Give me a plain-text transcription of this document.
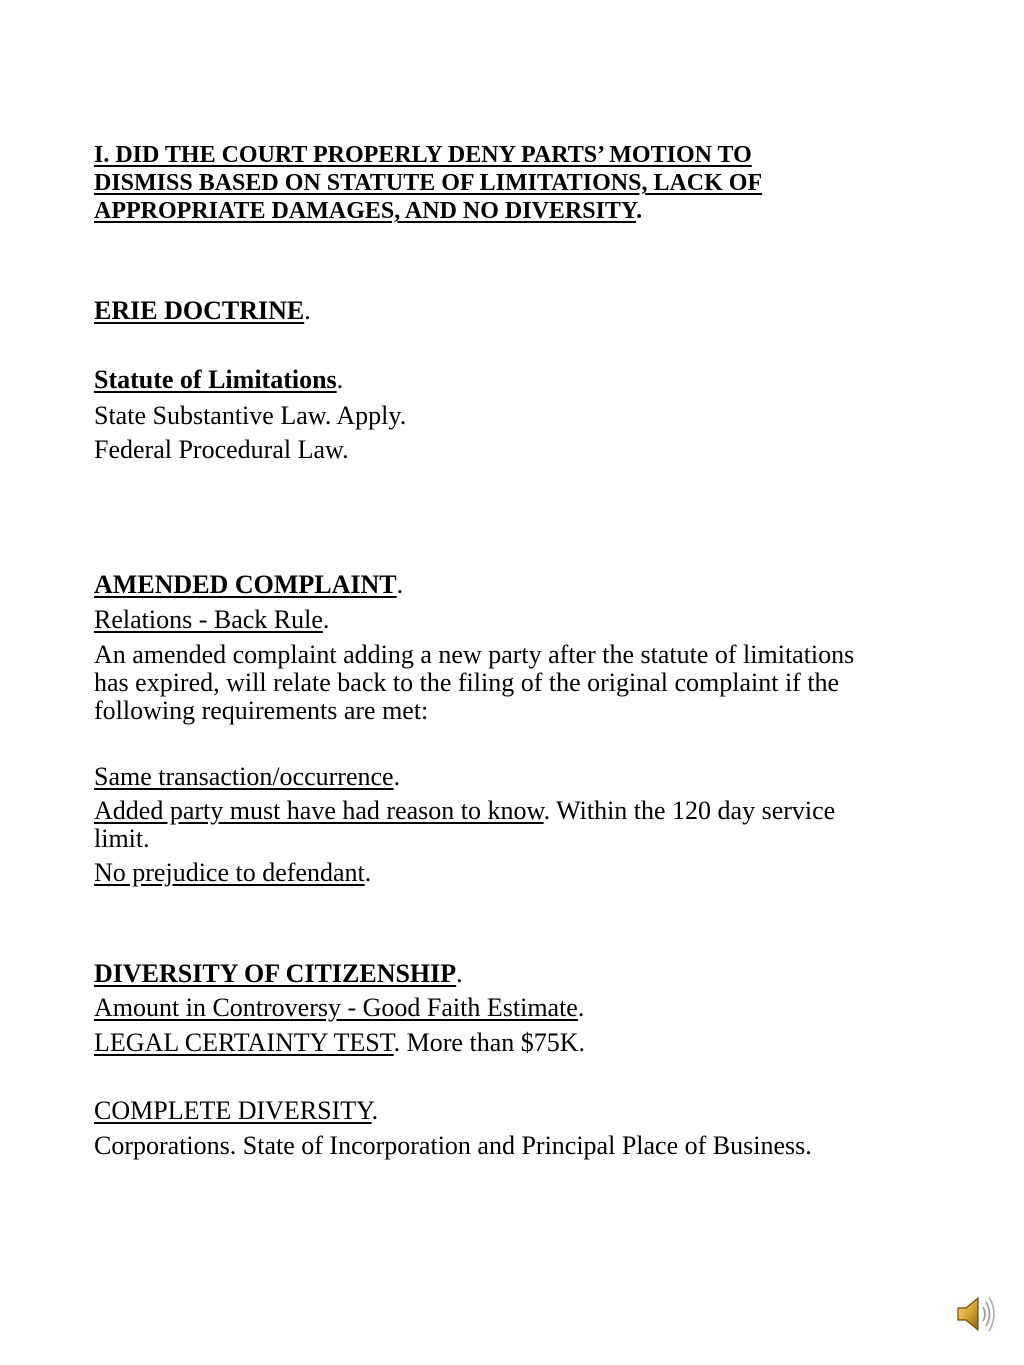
I. DID THE COURT PROPERLY DENY PARTS’ MOTION TO
DISMISS BASED ON STATUTE OF LIMITATIONS, LACK OF
APPROPRIATE DAMAGES, AND NO DIVERSITY.
ERIE DOCTRINE.
Statute of Limitations.
State Substantive Law. Apply.
Federal Procedural Law.
AMENDED COMPLAINT.
Relations - Back Rule.
An amended complaint adding a new party after the statute of limitations
has expired, will relate back to the filing of the original complaint if the
following requirements are met:
Same transaction/occurrence.
Added party must have had reason to know. Within the 120 day service
limit.
No prejudice to defendant.
DIVERSITY OF CITIZENSHIP.
Amount in Controversy - Good Faith Estimate.
LEGAL CERTAINTY TEST. More than $75K.
COMPLETE DIVERSITY.
Corporations. State of Incorporation and Principal Place of Business.
